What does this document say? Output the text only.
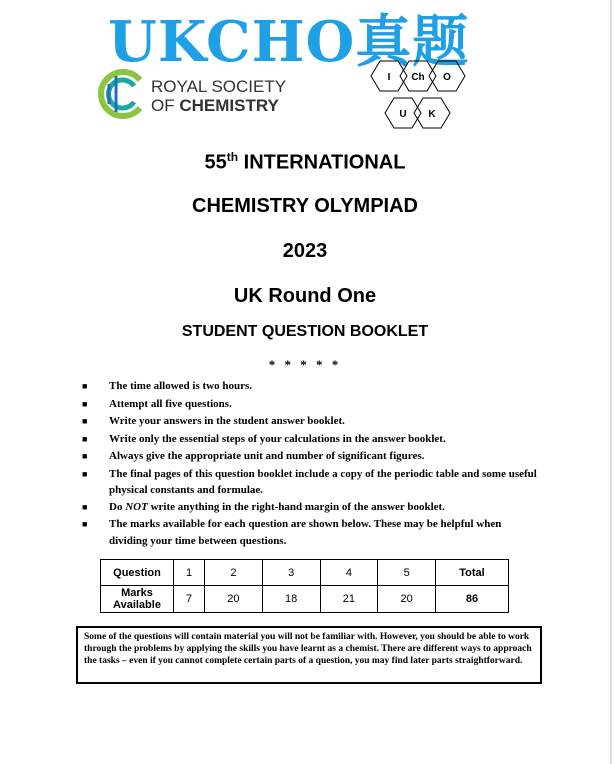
UKCHO真题
ROYAL SOCIETY
OF CHEMISTRY
I Ch O
U K
55th INTERNATIONAL
CHEMISTRY OLYMPIAD
2023
UK Round One
STUDENT QUESTION BOOKLET
* * * * *
■ The time allowed is two hours.
■ Attempt all five questions.
■ Write your answers in the student answer booklet.
■ Write only the essential steps of your calculations in the answer booklet.
■ Always give the appropriate unit and number of significant figures.
■ The final pages of this question booklet include a copy of the periodic table and some useful physical constants and formulae.
■ Do NOT write anything in the right-hand margin of the answer booklet.
■ The marks available for each question are shown below. These may be helpful when dividing your time between questions.
Question	1	2	3	4	5	Total
Marks Available	7	20	18	21	20	86
Some of the questions will contain material you will not be familiar with. However, you should be able to work through the problems by applying the skills you have learnt as a chemist. There are different ways to approach the tasks – even if you cannot complete certain parts of a question, you may find later parts straightforward.
